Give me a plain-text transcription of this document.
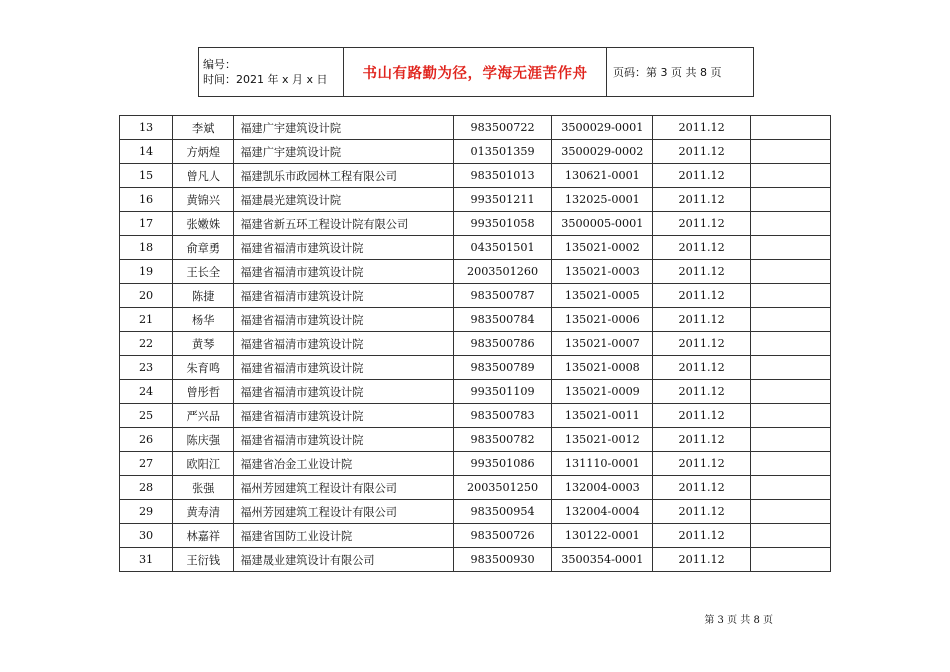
编号：
时间：2021 年 x 月 x 日	书山有路勤为径，学海无涯苦作舟	页码：第 3 页 共 8 页
13	李斌	福建广宇建筑设计院	983500722	3500029-0001	2011.12	
14	方炳煌	福建广宇建筑设计院	013501359	3500029-0002	2011.12	
15	曾凡人	福建凯乐市政园林工程有限公司	983501013	130621-0001	2011.12	
16	黄锦兴	福建晨光建筑设计院	993501211	132025-0001	2011.12	
17	张嫩姝	福建省新五环工程设计院有限公司	993501058	3500005-0001	2011.12	
18	俞章勇	福建省福清市建筑设计院	043501501	135021-0002	2011.12	
19	王长全	福建省福清市建筑设计院	2003501260	135021-0003	2011.12	
20	陈捷	福建省福清市建筑设计院	983500787	135021-0005	2011.12	
21	杨华	福建省福清市建筑设计院	983500784	135021-0006	2011.12	
22	黄琴	福建省福清市建筑设计院	983500786	135021-0007	2011.12	
23	朱育鸣	福建省福清市建筑设计院	983500789	135021-0008	2011.12	
24	曾彤哲	福建省福清市建筑设计院	993501109	135021-0009	2011.12	
25	严兴品	福建省福清市建筑设计院	983500783	135021-0011	2011.12	
26	陈庆强	福建省福清市建筑设计院	983500782	135021-0012	2011.12	
27	欧阳江	福建省冶金工业设计院	993501086	131110-0001	2011.12	
28	张强	福州芳园建筑工程设计有限公司	2003501250	132004-0003	2011.12	
29	黄寿清	福州芳园建筑工程设计有限公司	983500954	132004-0004	2011.12	
30	林嘉祥	福建省国防工业设计院	983500726	130122-0001	2011.12	
31	王衍钱	福建晟业建筑设计有限公司	983500930	3500354-0001	2011.12	
第 3 页 共 8 页
